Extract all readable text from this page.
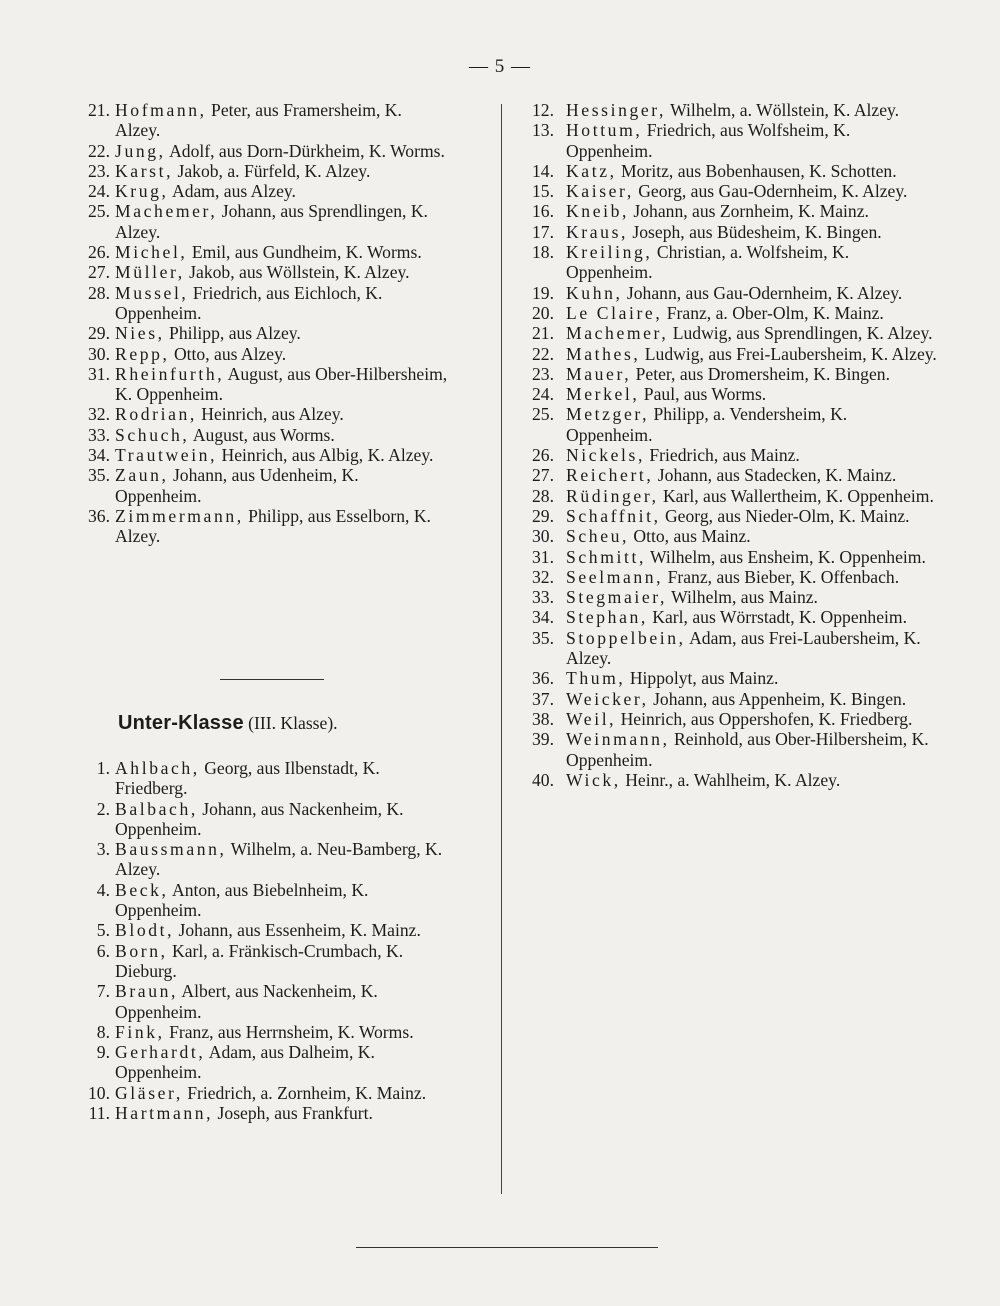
— 5 —

21. Hofmann, Peter, aus Framersheim, K. Alzey.

22. Jung, Adolf, aus Dorn-Dürkheim, K. Worms.

23. Karst, Jakob, a. Fürfeld, K. Alzey.

24. Krug, Adam, aus Alzey.

25. Machemer, Johann, aus Sprendlingen, K. Alzey.

26. Michel, Emil, aus Gundheim, K. Worms.

27. Müller, Jakob, aus Wöllstein, K. Alzey.

28. Mussel, Friedrich, aus Eichloch, K. Oppenheim.

29. Nies, Philipp, aus Alzey.

30. Repp, Otto, aus Alzey.

31. Rheinfurth, August, aus Ober-Hilbersheim, K. Oppenheim.

32. Rodrian, Heinrich, aus Alzey.

33. Schuch, August, aus Worms.

34. Trautwein, Heinrich, aus Albig, K. Alzey.

35. Zaun, Johann, aus Udenheim, K. Oppenheim.

36. Zimmermann, Philipp, aus Esselborn, K. Alzey.

Unter-Klasse (III. Klasse).

1. Ahlbach, Georg, aus Ilbenstadt, K. Friedberg.

2. Balbach, Johann, aus Nackenheim, K. Oppenheim.

3. Baussmann, Wilhelm, a. Neu-Bamberg, K. Alzey.

4. Beck, Anton, aus Biebelnheim, K. Oppenheim.

5. Blodt, Johann, aus Essenheim, K. Mainz.

6. Born, Karl, a. Fränkisch-Crumbach, K. Dieburg.

7. Braun, Albert, aus Nackenheim, K. Oppenheim.

8. Fink, Franz, aus Herrnsheim, K. Worms.

9. Gerhardt, Adam, aus Dalheim, K. Oppenheim.

10. Gläser, Friedrich, a. Zornheim, K. Mainz.

11. Hartmann, Joseph, aus Frankfurt.

12. Hessinger, Wilhelm, a. Wöllstein, K. Alzey.

13. Hottum, Friedrich, aus Wolfsheim, K. Oppenheim.

14. Katz, Moritz, aus Bobenhausen, K. Schotten.

15. Kaiser, Georg, aus Gau-Odernheim, K. Alzey.

16. Kneib, Johann, aus Zornheim, K. Mainz.

17. Kraus, Joseph, aus Büdesheim, K. Bingen.

18. Kreiling, Christian, a. Wolfsheim, K. Oppenheim.

19. Kuhn, Johann, aus Gau-Odernheim, K. Alzey.

20. Le Claire, Franz, a. Ober-Olm, K. Mainz.

21. Machemer, Ludwig, aus Sprendlingen, K. Alzey.

22. Mathes, Ludwig, aus Frei-Laubersheim, K. Alzey.

23. Mauer, Peter, aus Dromersheim, K. Bingen.

24. Merkel, Paul, aus Worms.

25. Metzger, Philipp, a. Vendersheim, K. Oppenheim.

26. Nickels, Friedrich, aus Mainz.

27. Reichert, Johann, aus Stadecken, K. Mainz.

28. Rüdinger, Karl, aus Wallertheim, K. Oppenheim.

29. Schaffnit, Georg, aus Nieder-Olm, K. Mainz.

30. Scheu, Otto, aus Mainz.

31. Schmitt, Wilhelm, aus Ensheim, K. Oppenheim.

32. Seelmann, Franz, aus Bieber, K. Offenbach.

33. Stegmaier, Wilhelm, aus Mainz.

34. Stephan, Karl, aus Wörrstadt, K. Oppenheim.

35. Stoppelbein, Adam, aus Frei-Laubersheim, K. Alzey.

36. Thum, Hippolyt, aus Mainz.

37. Weicker, Johann, aus Appenheim, K. Bingen.

38. Weil, Heinrich, aus Oppershofen, K. Friedberg.

39. Weinmann, Reinhold, aus Ober-Hilbersheim, K. Oppenheim.

40. Wick, Heinr., a. Wahlheim, K. Alzey.
